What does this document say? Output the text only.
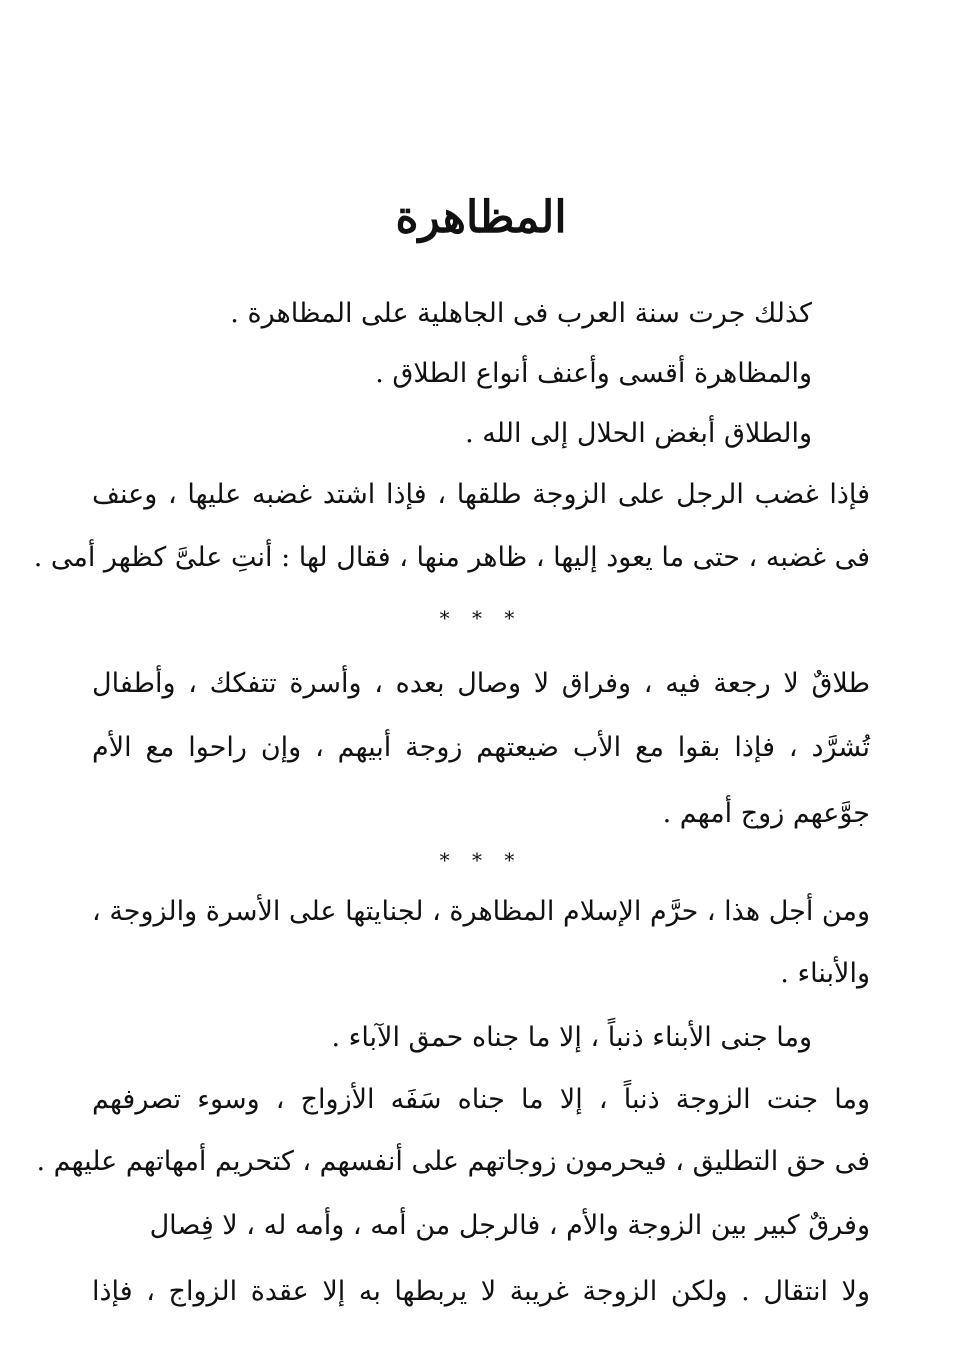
المظاهرة
كذلك جرت سنة العرب فى الجاهلية على المظاهرة .
والمظاهرة أقسى وأعنف أنواع الطلاق .
والطلاق أبغض الحلال إلى الله .
فإذا غضب الرجل على الزوجة طلقها ، فإذا اشتد غضبه عليها ، وعنف
فى غضبه ، حتى ما يعود إليها ، ظاهر منها ، فقال لها : أنتِ علىَّ كظهر أمى .
* * *
طلاقٌ لا رجعة فيه ، وفراق لا وصال بعده ، وأسرة تتفكك ، وأطفال
تُشرَّد ، فإذا بقوا مع الأب ضيعتهم زوجة أبيهم ، وإن راحوا مع الأم
جوَّعهم زوج أمهم .
* * *
ومن أجل هذا ، حرَّم الإسلام المظاهرة ، لجنايتها على الأسرة والزوجة ،
والأبناء .
وما جنى الأبناء ذنباً ، إلا ما جناه حمق الآباء .
وما جنت الزوجة ذنباً ، إلا ما جناه سَفَه الأزواج ، وسوء تصرفهم
فى حق التطليق ، فيحرمون زوجاتهم على أنفسهم ، كتحريم أمهاتهم عليهم .
وفرقٌ كبير بين الزوجة والأم ، فالرجل من أمه ، وأمه له ، لا فِصال
ولا انتقال . ولكن الزوجة غريبة لا يربطها به إلا عقدة الزواج ، فإذا
